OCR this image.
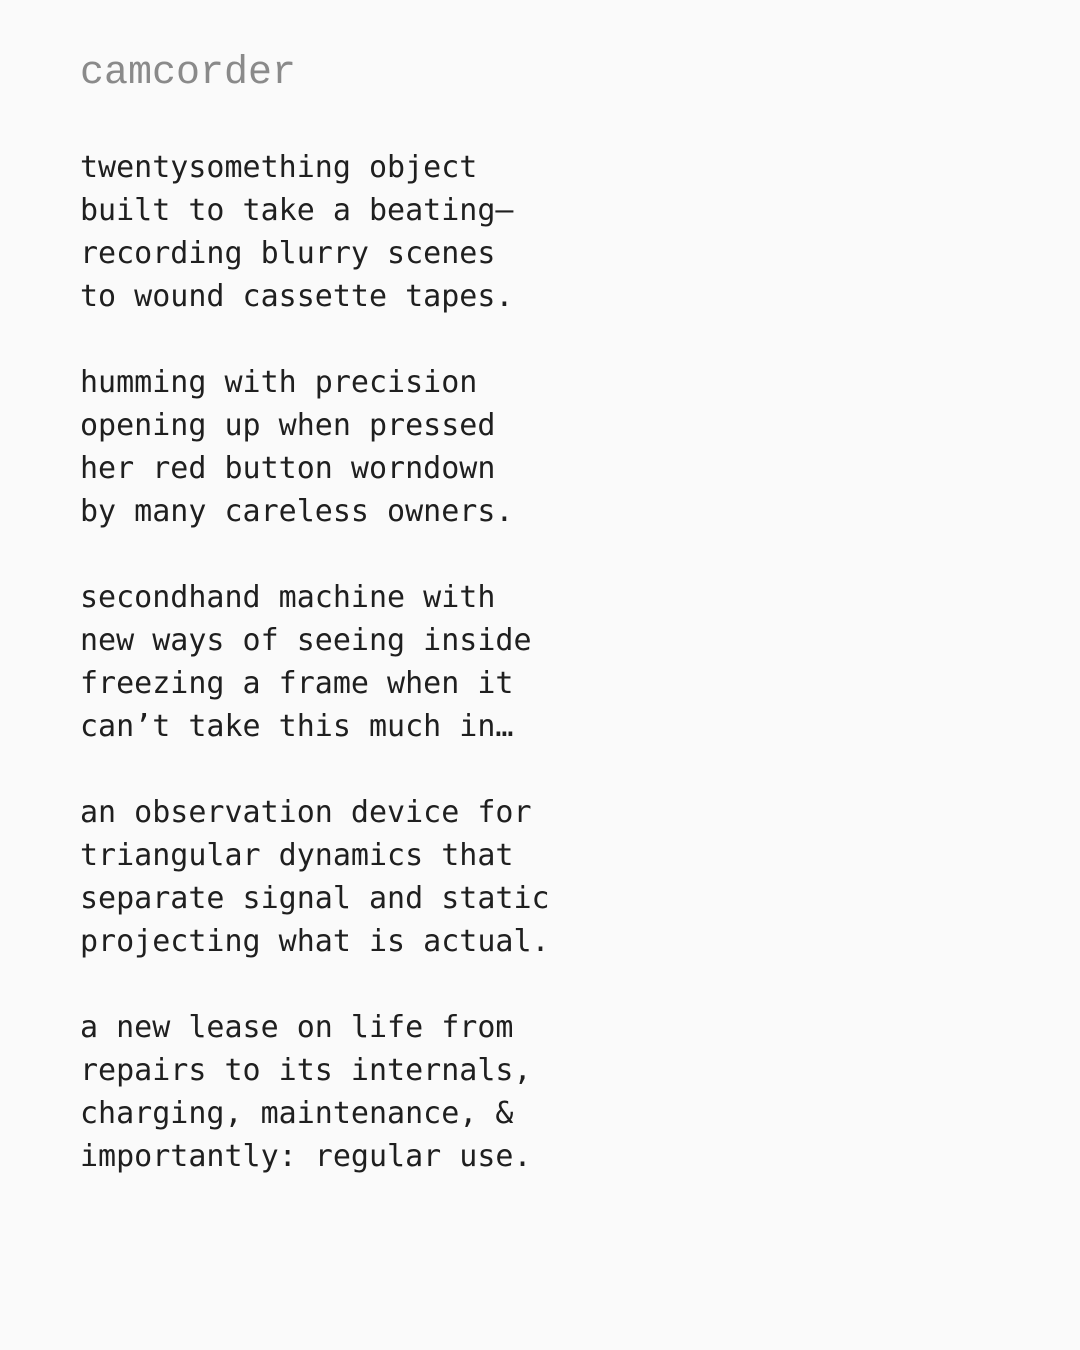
camcorder
twentysomething object
built to take a beating—
recording blurry scenes
to wound cassette tapes.
humming with precision
opening up when pressed
her red button worndown
by many careless owners.
secondhand machine with
new ways of seeing inside
freezing a frame when it
can’t take this much in…
an observation device for
triangular dynamics that
separate signal and static
projecting what is actual.
a new lease on life from
repairs to its internals,
charging, maintenance, &
importantly: regular use.
